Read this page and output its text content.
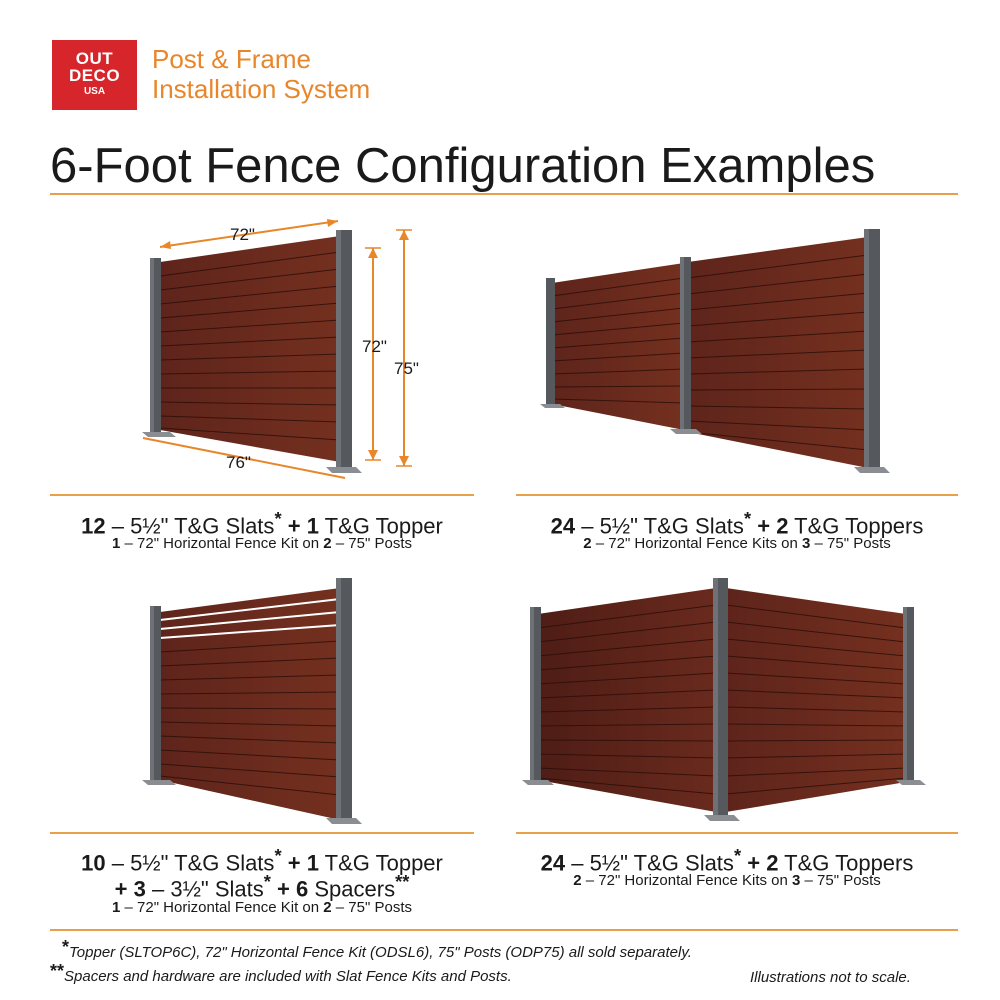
OUT
DECO
USA
Post & Frame
Installation System
6-Foot Fence Configuration Examples
72"
72"
75"
76"
12 – 5½" T&G Slats* + 1 T&G Topper
1 – 72" Horizontal Fence Kit on 2 – 75" Posts
24 – 5½" T&G Slats* + 2 T&G Toppers
2 – 72" Horizontal Fence Kits on 3 – 75" Posts
10 – 5½" T&G Slats* + 1 T&G Topper
+ 3 – 3½" Slats* + 6 Spacers**
1 – 72" Horizontal Fence Kit on 2 – 75" Posts
24 – 5½" T&G Slats* + 2 T&G Toppers
2 – 72" Horizontal Fence Kits on 3 – 75" Posts
*Topper (SLTOP6C), 72" Horizontal Fence Kit (ODSL6), 75" Posts (ODP75) all sold separately.
**Spacers and hardware are included with Slat Fence Kits and Posts.	Illustrations not to scale.
